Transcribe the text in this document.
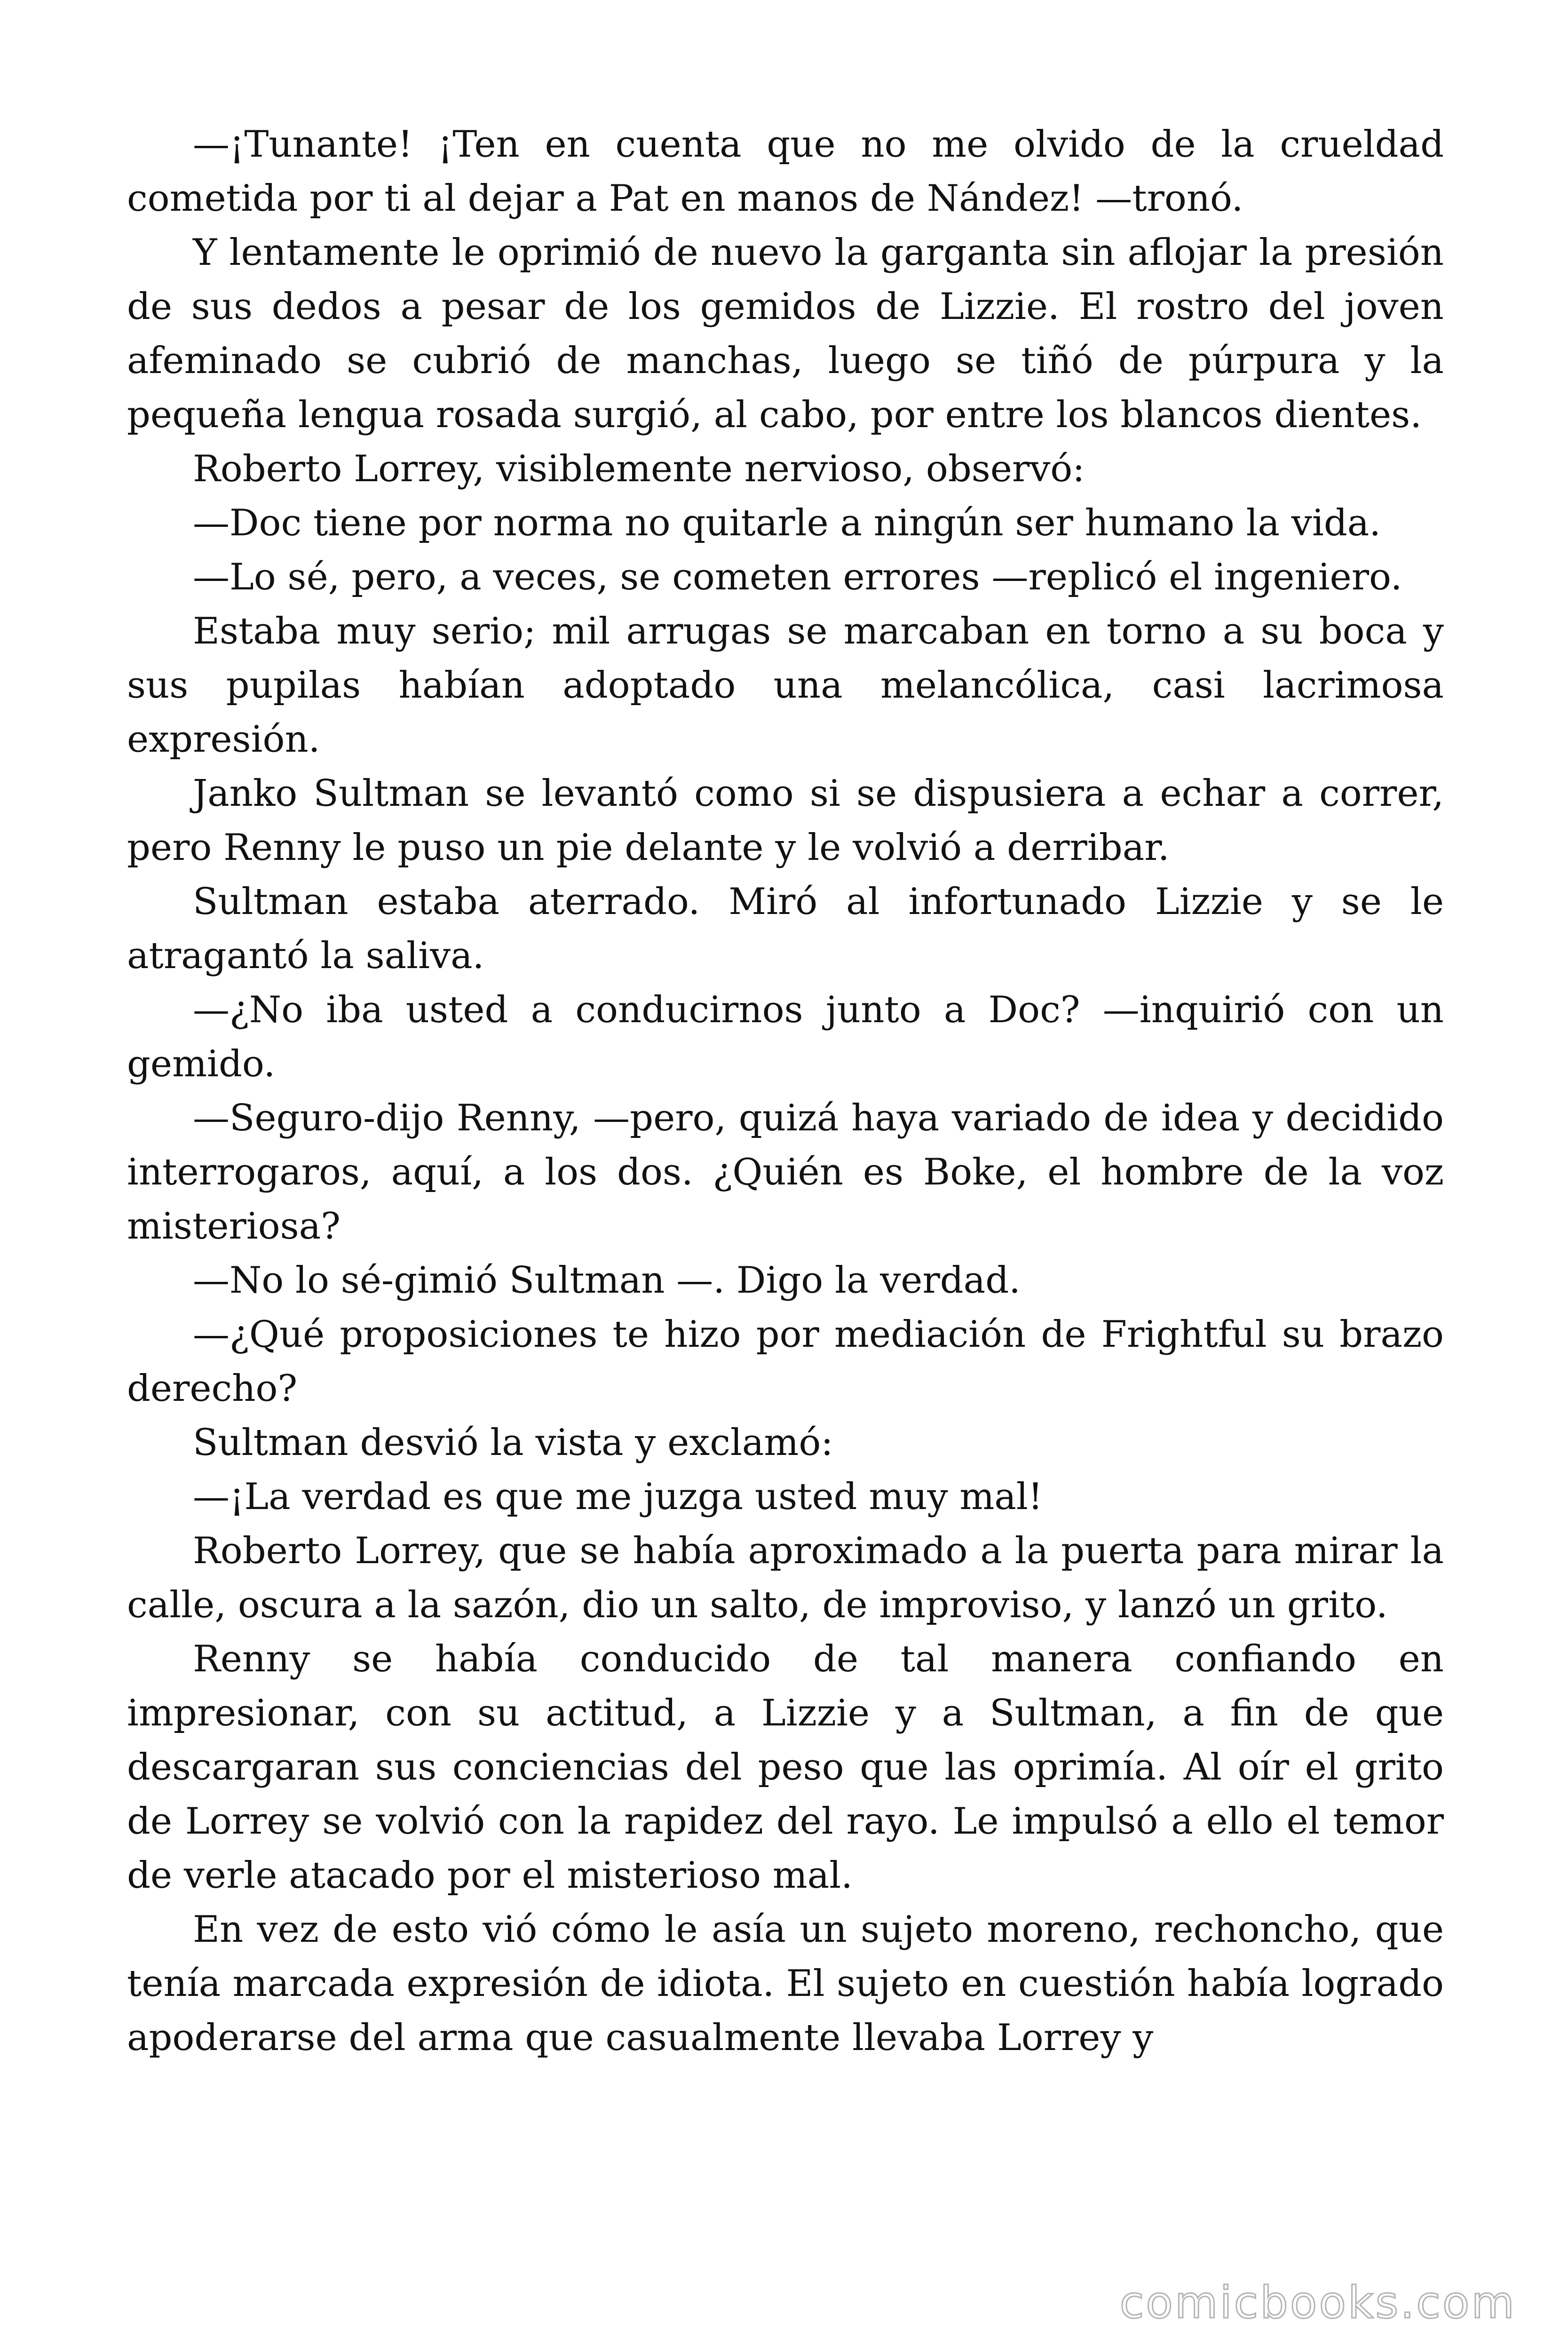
—¡Tunante! ¡Ten en cuenta que no me olvido de la crueldad cometida por ti al dejar a Pat en manos de Nández! —tronó.

Y lentamente le oprimió de nuevo la garganta sin aflojar la presión de sus dedos a pesar de los gemidos de Lizzie. El rostro del joven afeminado se cubrió de manchas, luego se tiñó de púrpura y la pequeña lengua rosada surgió, al cabo, por entre los blancos dientes.

Roberto Lorrey, visiblemente nervioso, observó:

—Doc tiene por norma no quitarle a ningún ser humano la vida.

—Lo sé, pero, a veces, se cometen errores —replicó el ingeniero.

Estaba muy serio; mil arrugas se marcaban en torno a su boca y sus pupilas habían adoptado una melancólica, casi lacrimosa expresión.

Janko Sultman se levantó como si se dispusiera a echar a correr, pero Renny le puso un pie delante y le volvió a derribar.

Sultman estaba aterrado. Miró al infortunado Lizzie y se le atragantó la saliva.

—¿No iba usted a conducirnos junto a Doc? —inquirió con un gemido.

—Seguro-dijo Renny, —pero, quizá haya variado de idea y decidido interrogaros, aquí, a los dos. ¿Quién es Boke, el hombre de la voz misteriosa?

—No lo sé-gimió Sultman —. Digo la verdad.

—¿Qué proposiciones te hizo por mediación de Frightful su brazo derecho?

Sultman desvió la vista y exclamó:

—¡La verdad es que me juzga usted muy mal!

Roberto Lorrey, que se había aproximado a la puerta para mirar la calle, oscura a la sazón, dio un salto, de improviso, y lanzó un grito.

Renny se había conducido de tal manera confiando en impresionar, con su actitud, a Lizzie y a Sultman, a fin de que descargaran sus conciencias del peso que las oprimía. Al oír el grito de Lorrey se volvió con la rapidez del rayo. Le impulsó a ello el temor de verle atacado por el misterioso mal.

En vez de esto vió cómo le asía un sujeto moreno, rechoncho, que tenía marcada expresión de idiota. El sujeto en cuestión había logrado apoderarse del arma que casualmente llevaba Lorrey y

comicbooks.com
